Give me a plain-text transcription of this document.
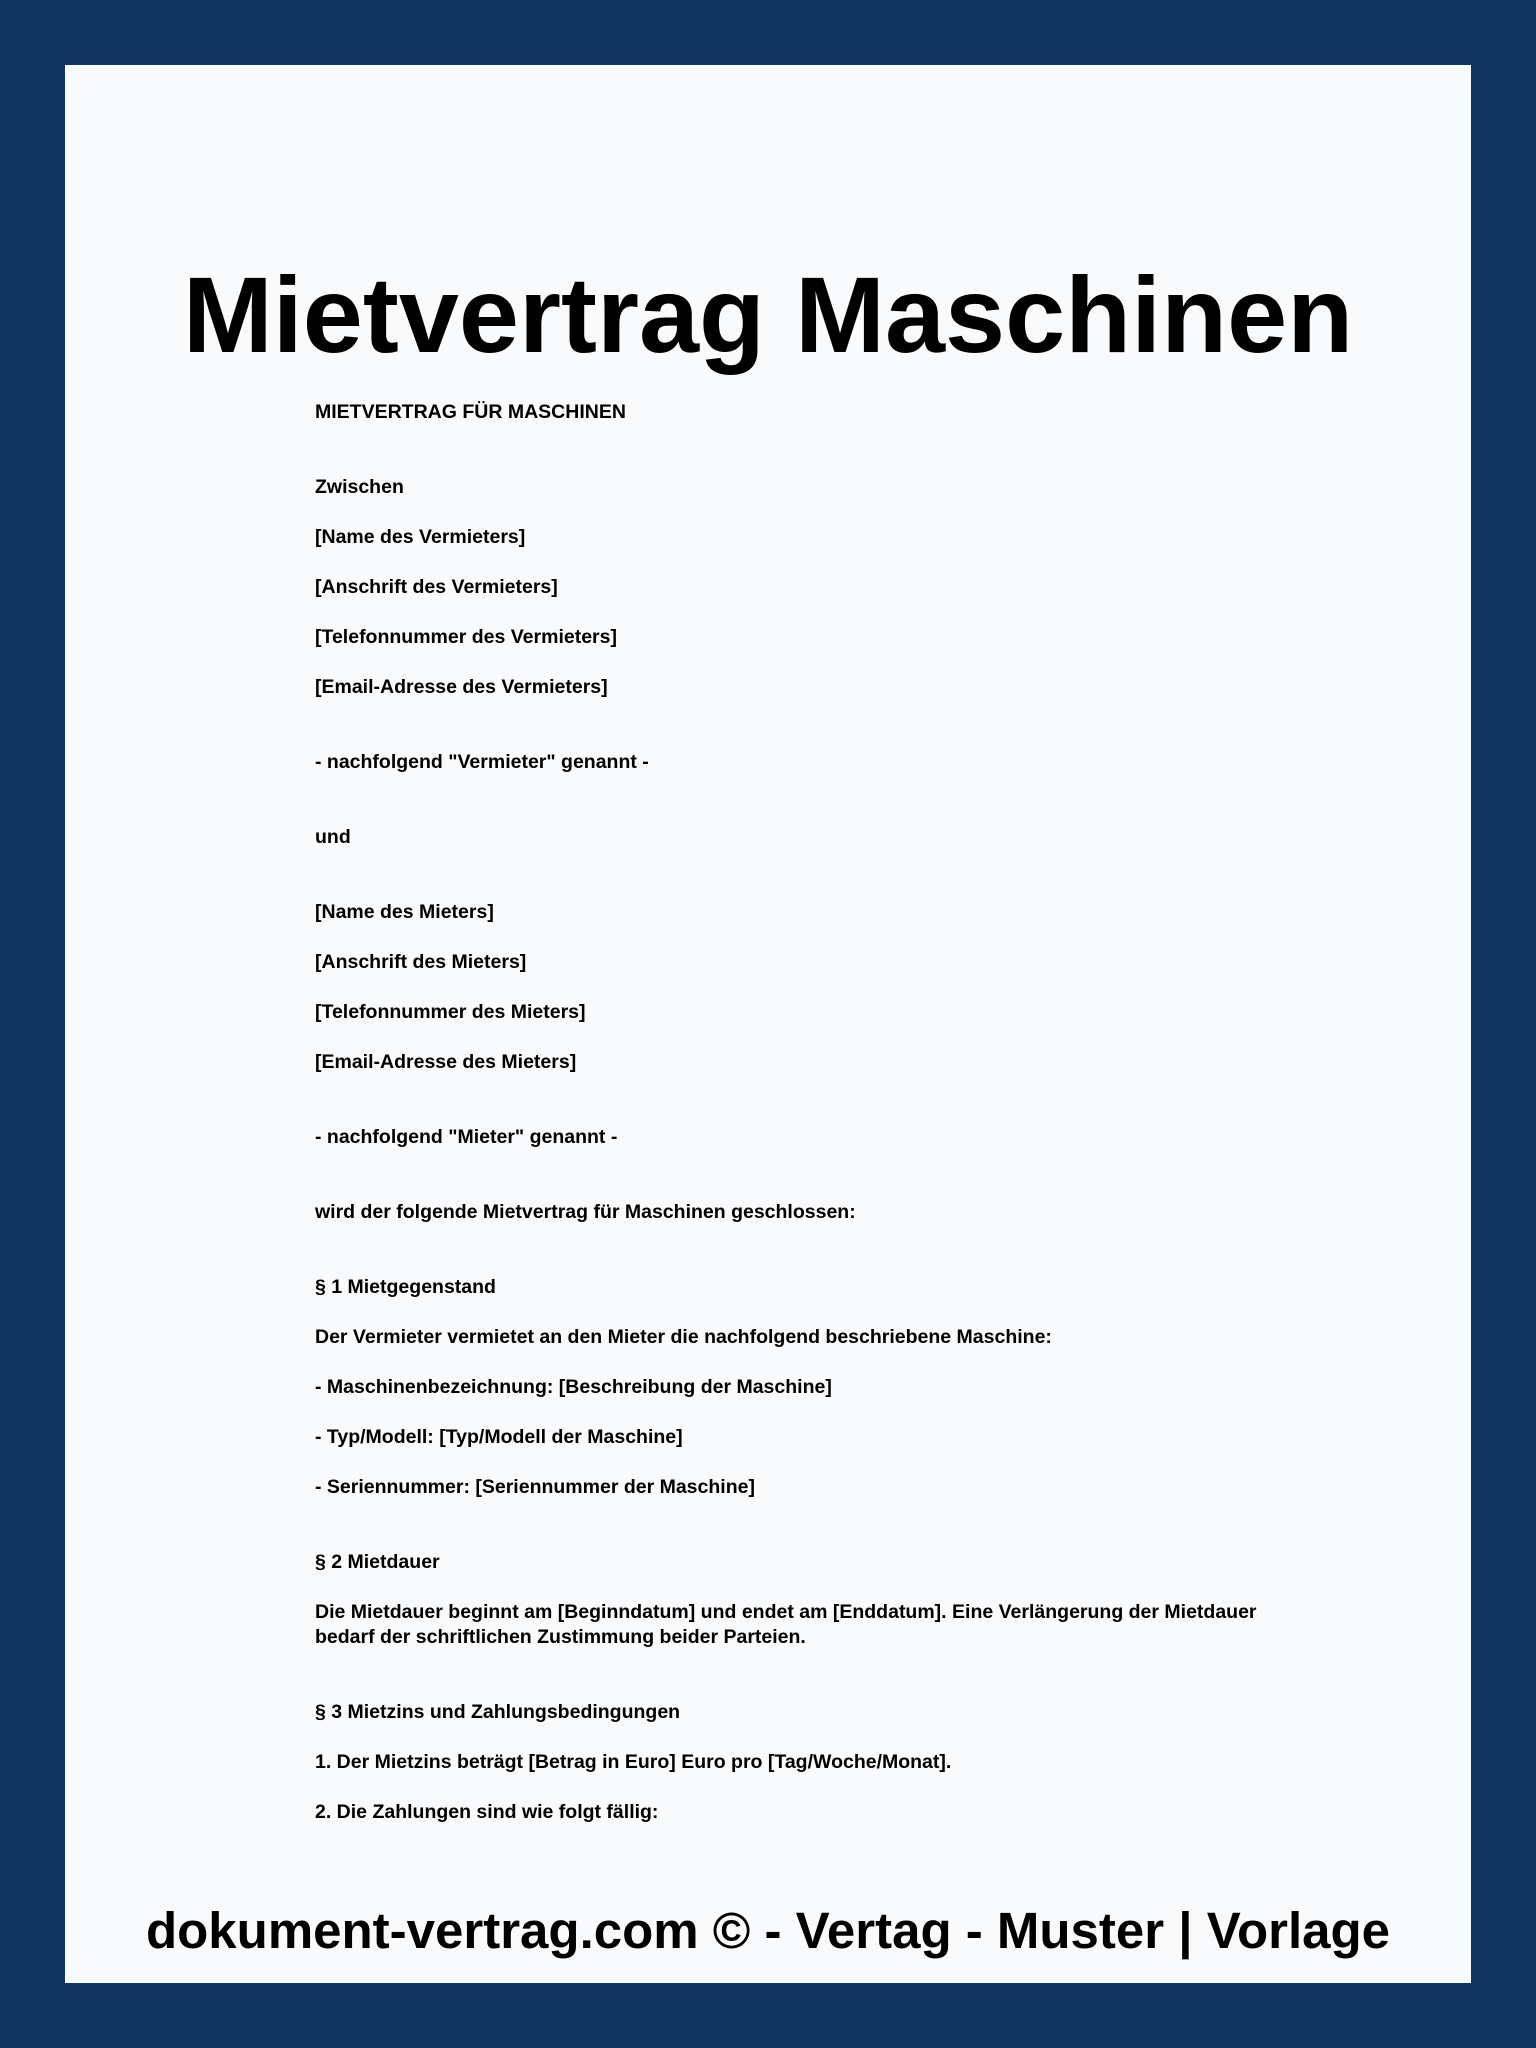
Mietvertrag Maschinen
MIETVERTRAG FÜR MASCHINEN
Zwischen
[Name des Vermieters]
[Anschrift des Vermieters]
[Telefonnummer des Vermieters]
[Email-Adresse des Vermieters]
- nachfolgend "Vermieter" genannt -
und
[Name des Mieters]
[Anschrift des Mieters]
[Telefonnummer des Mieters]
[Email-Adresse des Mieters]
- nachfolgend "Mieter" genannt -
wird der folgende Mietvertrag für Maschinen geschlossen:
§ 1 Mietgegenstand
Der Vermieter vermietet an den Mieter die nachfolgend beschriebene Maschine:
- Maschinenbezeichnung: [Beschreibung der Maschine]
- Typ/Modell: [Typ/Modell der Maschine]
- Seriennummer: [Seriennummer der Maschine]
§ 2 Mietdauer
Die Mietdauer beginnt am [Beginndatum] und endet am [Enddatum]. Eine Verlängerung der Mietdauer
bedarf der schriftlichen Zustimmung beider Parteien.
§ 3 Mietzins und Zahlungsbedingungen
1. Der Mietzins beträgt [Betrag in Euro] Euro pro [Tag/Woche/Monat].
2. Die Zahlungen sind wie folgt fällig:
dokument-vertrag.com © - Vertag - Muster | Vorlage
